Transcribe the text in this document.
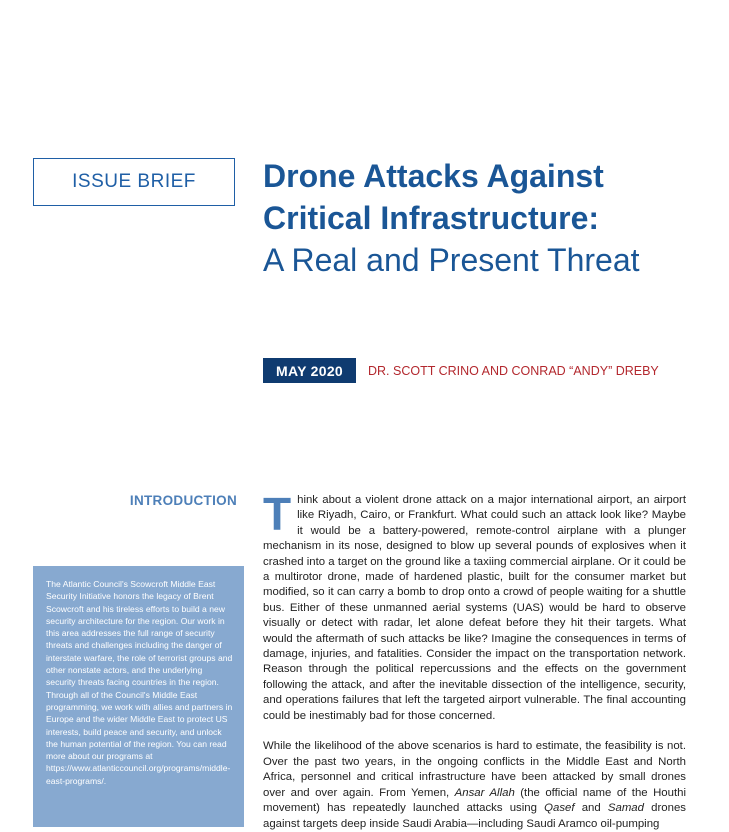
ISSUE BRIEF Drone Attacks Against
Critical Infrastructure:
A Real and Present Threat
MAY 2020 DR. SCOTT CRINO AND CONRAD “ANDY” DREBY
INTRODUCTION
The Atlantic Council's Scowcroft Middle East Security Initiative honors the legacy of Brent Scowcroft and his tireless efforts to build a new security architecture for the region. Our work in this area addresses the full range of security threats and challenges including the danger of interstate warfare, the role of terrorist groups and other nonstate actors, and the underlying security threats facing countries in the region. Through all of the Council's Middle East programming, we work with allies and partners in Europe and the wider Middle East to protect US interests, build peace and security, and unlock the human potential of the region. You can read more about our programs at https://www.atlanticcouncil.org/programs/middle-east-programs/.

Think about a violent drone attack on a major international airport, an airport like Riyadh, Cairo, or Frankfurt. What could such an attack look like? Maybe it would be a battery-powered, remote-control airplane with a plunger mechanism in its nose, designed to blow up several pounds of explosives when it crashed into a target on the ground like a taxiing commercial airplane. Or it could be a multirotor drone, made of hardened plastic, built for the consumer market but modified, so it can carry a bomb to drop onto a crowd of people waiting for a shuttle bus. Either of these unmanned aerial systems (UAS) would be hard to observe visually or detect with radar, let alone defeat before they hit their targets. What would the aftermath of such attacks be like? Imagine the consequences in terms of damage, injuries, and fatalities. Consider the impact on the transportation network. Reason through the political repercussions and the effects on the government following the attack, and after the inevitable dissection of the intelligence, security, and operations failures that left the targeted airport vulnerable. The final accounting could be inestimably bad for those concerned.

While the likelihood of the above scenarios is hard to estimate, the feasibility is not. Over the past two years, in the ongoing conflicts in the Middle East and North Africa, personnel and critical infrastructure have been attacked by small drones over and over again. From Yemen, Ansar Allah (the official name of the Houthi movement) has repeatedly launched attacks using Qasef and Samad drones against targets deep inside Saudi Arabia—including Saudi Aramco oil-pumping
